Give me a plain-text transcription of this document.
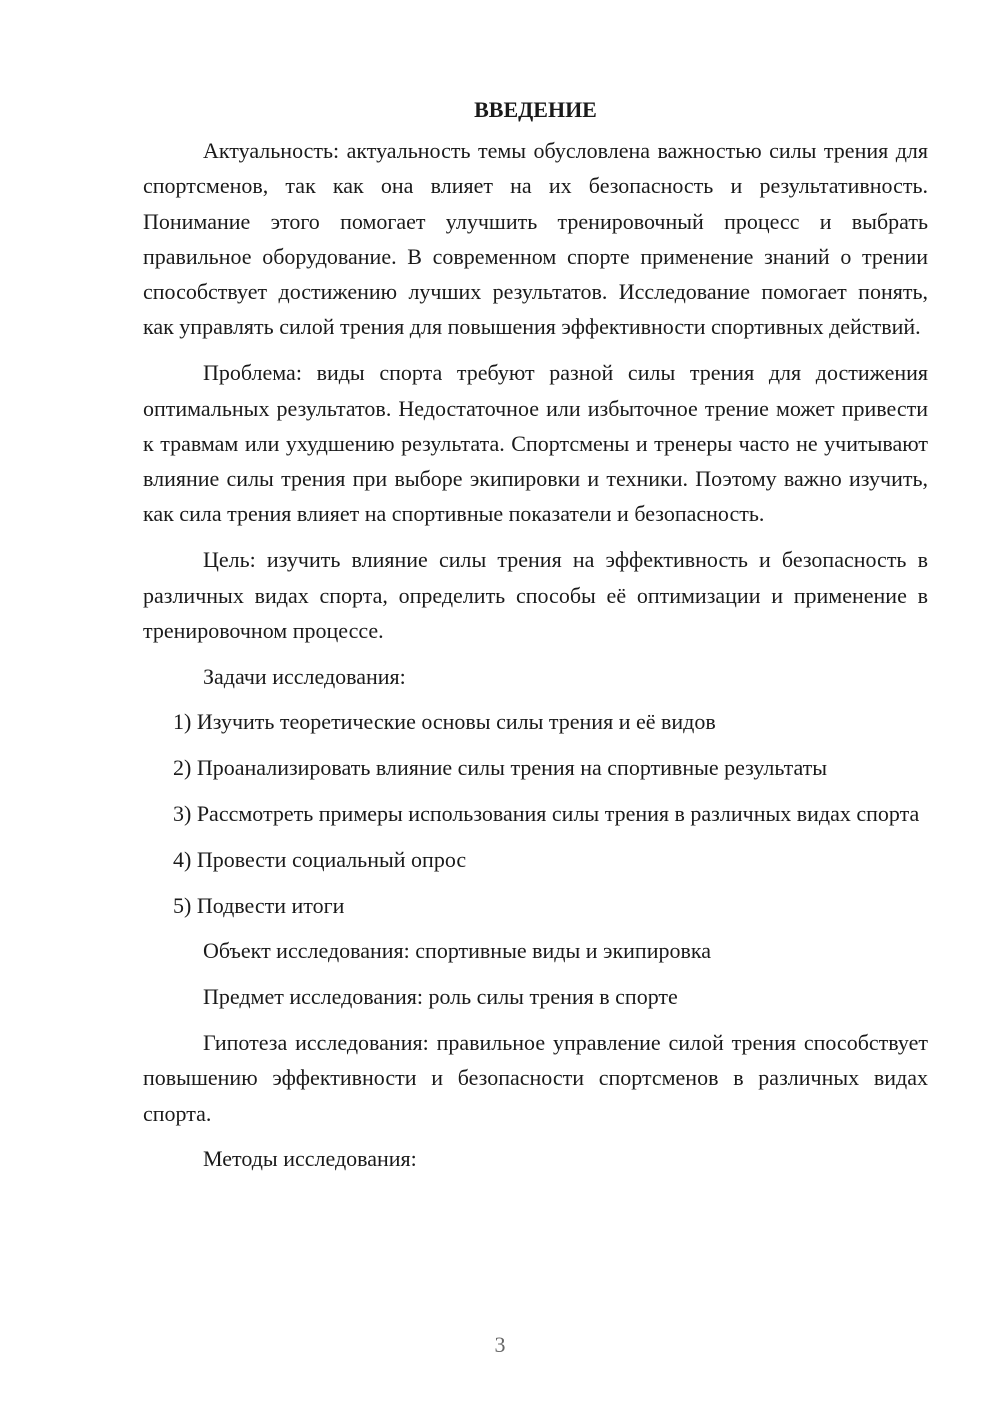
ВВЕДЕНИЕ

Актуальность: актуальность темы обусловлена важностью силы трения для спортсменов, так как она влияет на их безопасность и результативность. Понимание этого помогает улучшить тренировочный процесс и выбрать правильное оборудование. В современном спорте применение знаний о трении способствует достижению лучших результатов. Исследование помогает понять, как управлять силой трения для повышения эффективности спортивных действий.

Проблема: виды спорта требуют разной силы трения для достижения оптимальных результатов. Недостаточное или избыточное трение может привести к травмам или ухудшению результата. Спортсмены и тренеры часто не учитывают влияние силы трения при выборе экипировки и техники. Поэтому важно изучить, как сила трения влияет на спортивные показатели и безопасность.

Цель: изучить влияние силы трения на эффективность и безопасность в различных видах спорта, определить способы её оптимизации и применение в тренировочном процессе.

Задачи исследования:

1) Изучить теоретические основы силы трения и её видов

2) Проанализировать влияние силы трения на спортивные результаты

3) Рассмотреть примеры использования силы трения в различных видах спорта

4) Провести социальный опрос

5) Подвести итоги

Объект исследования: спортивные виды и экипировка

Предмет исследования: роль силы трения в спорте

Гипотеза исследования: правильное управление силой трения способствует повышению эффективности и безопасности спортсменов в различных видах спорта.

Методы исследования:

3
